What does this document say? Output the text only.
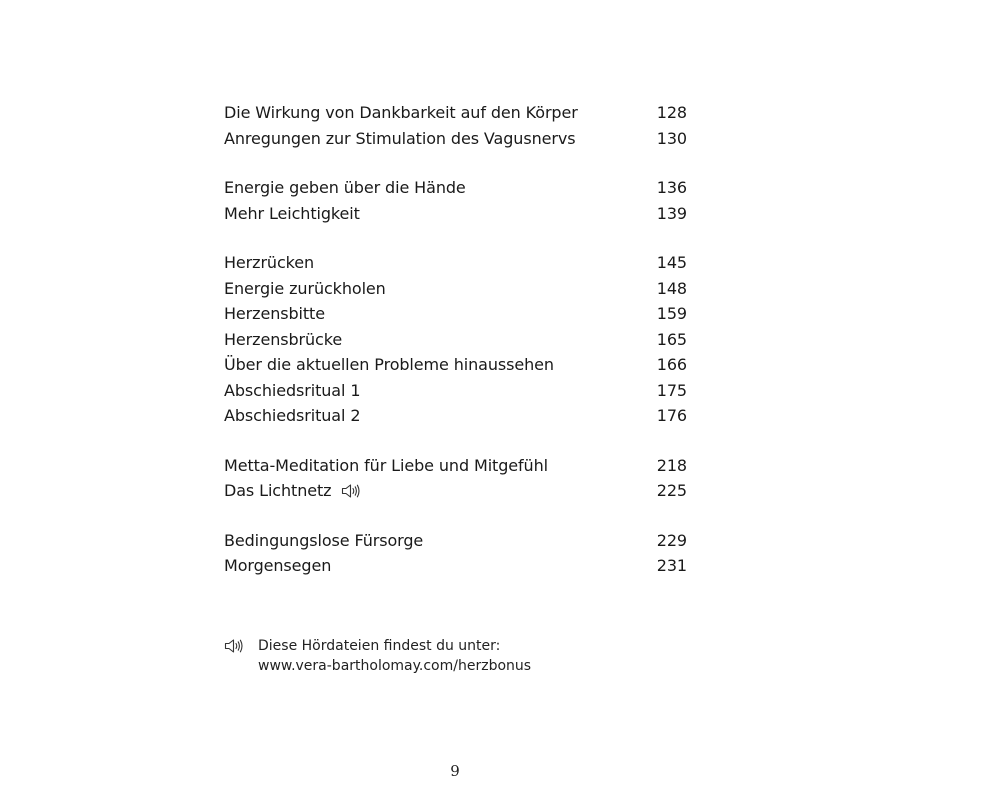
Die Wirkung von Dankbarkeit auf den Körper	128
Anregungen zur Stimulation des Vagusnervs	130
Energie geben über die Hände	136
Mehr Leichtigkeit	139
Herzrücken	145
Energie zurückholen	148
Herzensbitte	159
Herzensbrücke	165
Über die aktuellen Probleme hinaussehen	166
Abschiedsritual 1	175
Abschiedsritual 2	176
Metta-Meditation für Liebe und Mitgefühl	218
Das Lichtnetz	225
Bedingungslose Fürsorge	229
Morgensegen	231
Diese Hördateien findest du unter:
www.vera-bartholomay.com/herzbonus
9
